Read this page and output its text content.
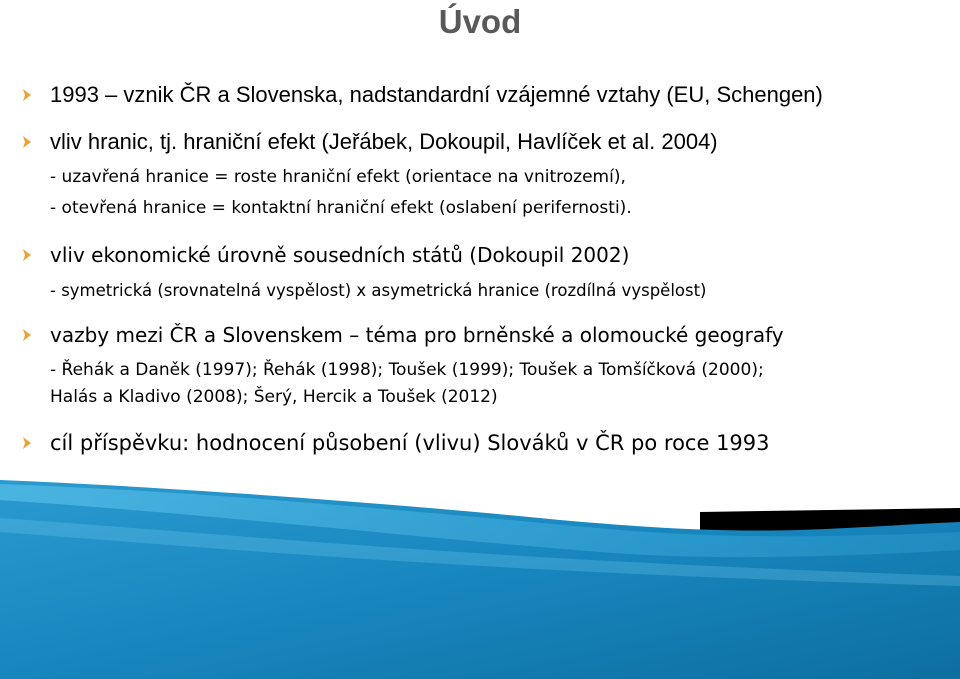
Úvod
1993 – vznik ČR a Slovenska, nadstandardní vzájemné vztahy (EU, Schengen)
vliv hranic, tj. hraniční efekt (Jeřábek, Dokoupil, Havlíček et al. 2004)
- uzavřená hranice = roste hraniční efekt (orientace na vnitrozemí),
- otevřená hranice = kontaktní hraniční efekt (oslabení perifernosti).
vliv ekonomické úrovně sousedních států (Dokoupil 2002)
- symetrická (srovnatelná vyspělost) x asymetrická hranice (rozdílná vyspělost)
vazby mezi ČR a Slovenskem – téma pro brněnské a olomoucké geografy
- Řehák a Daněk (1997); Řehák (1998); Toušek (1999); Toušek a Tomšíčková (2000);
Halás a Kladivo (2008); Šerý, Hercik a Toušek (2012)
cíl příspěvku: hodnocení působení (vlivu) Slováků v ČR po roce 1993
